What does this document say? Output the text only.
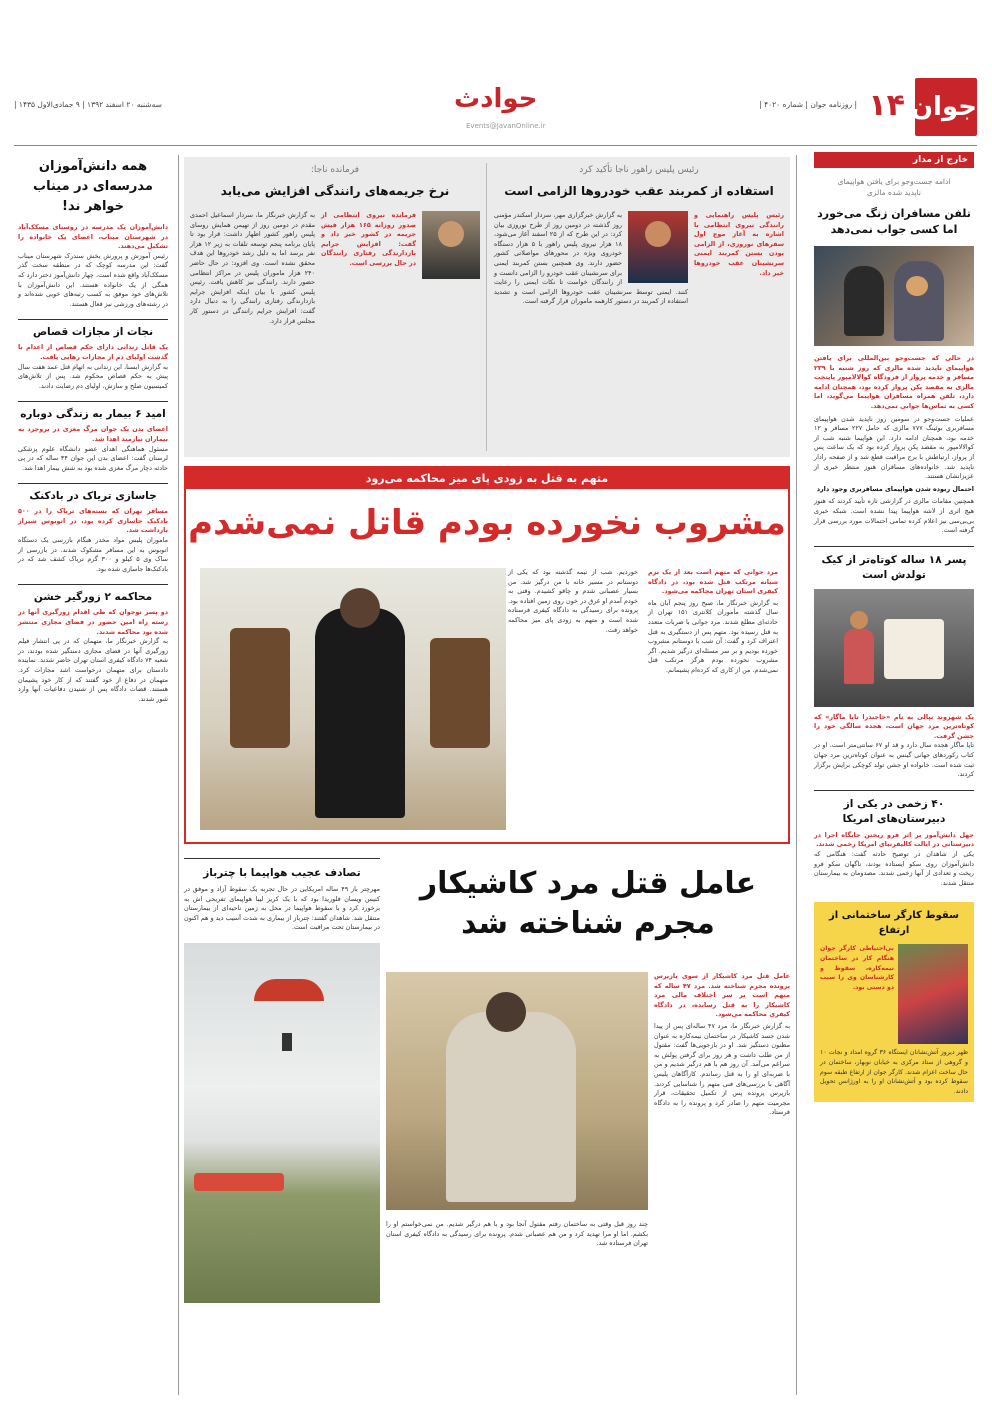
جوان
۱۴
| روزنامه جوان | شماره ۴۰۲۰ |
سه‌شنبه ۲۰ اسفند ۱۳۹۲ | ۹ جمادی‌الاول ۱۴۳۵ |	حوادث
Events@JavanOnline.ir
خارج از مدار
ادامه جست‌وجو برای یافتن هواپیمای ناپدید شده مالزی
تلفن مسافران زنگ می‌خورد اما کسی جواب نمی‌دهد
در حالی که جست‌وجو بین‌المللی برای یافتن هواپیمای ناپدید شده مالزی که روز شنبه با ۲۳۹ مسافر و خدمه پرواز از فرودگاه کوالالامپور پایتخت مالزی به مقصد پکن پرواز کرده بود، همچنان ادامه دارد، تلفن همراه مسافران هواپیما می‌گوید، اما کسی به تماس‌ها جوابی نمی‌دهد.
عملیات جست‌وجو در سومین روز ناپدید شدن هواپیمای مسافربری بوئینگ ۷۷۷ مالزی که حامل ۲۲۷ مسافر و ۱۲ خدمه بود، همچنان ادامه دارد. این هواپیما شنبه شب از کوالالامپور به مقصد پکن پرواز کرده بود که یک ساعت پس از پرواز، ارتباطش با برج مراقبت قطع شد و از صفحه رادار ناپدید شد. خانواده‌های مسافران هنوز منتظر خبری از عزیزانشان هستند.
احتمال ربوده شدن هواپیمای مسافربری وجود دارد
همچنین مقامات مالزی در گزارشی تازه تأیید کردند که هنوز هیچ اثری از لاشه هواپیما پیدا نشده است. شبکه خبری بی‌بی‌سی نیز اعلام کرده تمامی احتمالات مورد بررسی قرار گرفته است.
پسر ۱۸ ساله کوتاه‌تر از کیک تولدش است
یک شهروند نپالی به نام «خاجندرا تاپا ماگار» که کوتاه‌ترین مرد جهان است، هجده سالگی خود را جشن گرفت.
تاپا ماگار هجده سال دارد و قد او ۶۷ سانتی‌متر است. او در کتاب رکوردهای جهانی گینس به عنوان کوتاه‌ترین مرد جهان ثبت شده است. خانواده او جشن تولد کوچکی برایش برگزار کردند.
۴۰ زخمی در یکی از دبیرستان‌های امریکا
جهل دانش‌آموز بر اثر فرو ریختن جایگاه اجرا در دبیرستانی در ایالت کالیفرنیای امریکا زخمی شدند.
یکی از شاهدان در توضیح حادثه گفت: هنگامی که دانش‌آموزان روی سکو ایستاده بودند، ناگهان سکو فرو ریخت و تعدادی از آنها زخمی شدند. مصدومان به بیمارستان منتقل شدند.
سقوط کارگر ساختمانی از ارتفاع
بی‌احتیاطی کارگر جوان هنگام کار در ساختمان نیمه‌کاره، سقوط و کارشناسان وی را سبب دو دستی بود.
ظهر دیروز آتش‌نشانان ایستگاه ۳۶ گروه امداد و نجات ۱۰ و گروهی از ستاد مرکزی به خیابان نوبهار، ساختمان در حال ساخت اعزام شدند. کارگر جوان از ارتفاع طبقه سوم سقوط کرده بود و آتش‌نشانان او را به اورژانس تحویل دادند.
رئیس پلیس راهور ناجا تأکید کرد
استفاده از کمربند عقب خودروها الزامی است
رئیس پلیس راهنمایی و رانندگی نیروی انتظامی با اشاره به آغاز موج اول سفرهای نوروزی، از الزامی بودن بستن کمربند ایمنی سرنشینان عقب خودروها خبر داد.
به گزارش خبرگزاری مهر، سردار اسکندر مؤمنی روز گذشته در دومین روز از طرح نوروزی بیان کرد: در این طرح که از ۲۵ اسفند آغاز می‌شود، ۱۸ هزار نیروی پلیس راهور با ۵ هزار دستگاه خودروی ویژه در محورهای مواصلاتی کشور حضور دارند. وی همچنین بستن کمربند ایمنی برای سرنشینان عقب خودرو را الزامی دانست و از رانندگان خواست تا نکات ایمنی را رعایت کنند. ایمنی توسط سرنشینان عقب خودروها الزامی است و تشدید استفاده از کمربند در دستور کارهمه ماموران قرار گرفته است.
فرمانده ناجا:
نرخ جریمه‌های رانندگی افزایش می‌یابد
فرمانده نیروی انتظامی از صدور روزانه ۱۶۵ هزار فیش جریمه در کشور خبر داد و گفت: افزایش جرایم بازدارندگی رفتاری رانندگان در حال بررسی است.
به گزارش خبرنگار ما، سردار اسماعیل احمدی مقدم در دومین روز از تهیمن همایش روسای پلیس راهور کشور اظهار داشت: قرار بود تا پایان برنامه پنجم توسعه تلفات به زیر ۱۲ هزار نفر برسد اما به دلیل رشد خودروها این هدف محقق نشده است. وی افزود: در حال حاضر ۲۴۰ هزار ماموران پلیس در مراکز انتظامی حضور دارند. رانندگی نیز کاهش یافت. رئیس پلیس کشور با بیان اینکه افزایش جرایم بازدارندگی رفتاری رانندگی را به دنبال دارد گفت: افزایش جرایم رانندگی در دستور کار مجلس قرار دارد.
متهم به قتل به زودی پای میز محاکمه می‌رود
مشروب نخورده بودم قاتل نمی‌شدم
مرد جوانی که متهم است بعد از یک بزم شبانه مرتکب قتل شده بود، در دادگاه کیفری استان تهران محاکمه می‌شود.
به گزارش خبرنگار ما، صبح روز پنجم آبان ماه سال گذشته مأموران کلانتری ۱۵۱ تهران از حادثه‌ای مطلع شدند. مرد جوانی با ضربات متعدد به قتل رسیده بود. متهم پس از دستگیری به قتل اعتراف کرد و گفت: آن شب با دوستانم مشروب خورده بودیم و بر سر مسئله‌ای درگیر شدیم. اگر مشروب نخورده بودم هرگز مرتکب قتل نمی‌شدم. من از کاری که کرده‌ام پشیمانم.
خوردیم. شب از نیمه گذشته بود که یکی از دوستانم در مسیر خانه با من درگیر شد. من بسیار عصبانی شدم و چاقو کشیدم. وقتی به خودم آمدم او غرق در خون روی زمین افتاده بود. پرونده برای رسیدگی به دادگاه کیفری فرستاده شده است و متهم به زودی پای میز محاکمه خواهد رفت.
عامل قتل مرد کاشیکار مجرم شناخته شد
عامل قتل مرد کاشیکار از سوی بازپرس پرونده مجرم شناخته شد. مرد ۴۷ ساله که متهم است بر سر اختلاف مالی مرد کاشیکار را به قتل رسانده، در دادگاه کیفری محاکمه می‌شود.
به گزارش خبرنگار ما، مرد ۴۷ ساله‌ای پس از پیدا شدن جسد کاشیکار در ساختمان نیمه‌کاره به عنوان مظنون دستگیر شد. او در بازجویی‌ها گفت: مقتول از من طلب داشت و هر روز برای گرفتن پولش به سراغم می‌آمد. آن روز هم با هم درگیر شدیم و من با ضربه‌ای او را به قتل رساندم. کارآگاهان پلیس آگاهی با بررسی‌های فنی متهم را شناسایی کردند. بازپرس پرونده پس از تکمیل تحقیقات، قرار مجرمیت متهم را صادر کرد و پرونده را به دادگاه فرستاد.
چند روز قبل وقتی به ساختمان رفتم مقتول آنجا بود و با هم درگیر شدیم. من نمی‌خواستم او را بکشم. اما او مرا تهدید کرد و من هم عصبانی شدم. پرونده برای رسیدگی به دادگاه کیفری استان تهران فرستاده شد.
تصادف عجیب هواپیما با چترباز
مهرچتر باز ۴۹ ساله امریکایی در حال تجربه یک سقوط آزاد و موفق در کنیس ویسان فلوریدا بود که با یک کریز لیبا هواپیمای تفریحی اش به برخورد کرد و با سقوط هواپیما در محل به زمین ناحیه‌ای از بیمارستان منتقل شد. شاهدان گفتند: چترباز از بیماری به شدت آسیب دید و هم اکنون در بیمارستان تحت مراقبت است.
همه دانش‌آموزان مدرسه‌ای در میناب خواهر ند!
دانش‌آموزان یک مدرسه در روستای مسکک‌آباد در شهرستان میناب، اعضای یک خانواده را تشکیل می‌دهند.
رئیس آموزش و پرورش بخش سندرک شهرستان میناب گفت: این مدرسه کوچک که در منطقه سخت گذر مسکک‌آباد واقع شده است، چهار دانش‌آموز دختر دارد که همگی از یک خانواده هستند. این دانش‌آموزان با تلاش‌های خود موفق به کسب رتبه‌های خوبی شده‌اند و در رشته‌های ورزشی نیز فعال هستند.
نجات از مجازات قصاص
یک قاتل زندانی دارای حکم قصاص از اعدام با گذشت اولیای دم از مجازات رهایی یافت.
به گزارش ایسنا، این زندانی به اتهام قتل عمد هفت سال پیش به حکم قصاص محکوم شد. پس از تلاش‌های کمیسیون صلح و سازش، اولیای دم رضایت دادند.
امید ۶ بیمار به زندگی دوباره
اعضای بدن یک جوان مرگ مغزی در بروجرد به بیماران نیازمند اهدا شد.
مسئول هماهنگی اهدای عضو دانشگاه علوم پزشکی لرستان گفت: اعضای بدن این جوان ۳۴ ساله که در پی حادثه دچار مرگ مغزی شده بود به شش بیمار اهدا شد.
جاسازی تریاک در بادکنک
مسافر تهران که بسته‌های تریاک را در ۵۰۰ بادکنک جاسازی کرده بود، در اتوبوس شیراز بازداشت شد.
ماموران پلیس مواد مخدر هنگام بازرسی یک دستگاه اتوبوس به این مسافر مشکوک شدند. در بازرسی از ساک وی ۵ کیلو و ۳۰۰ گرم تریاک کشف شد که در بادکنک‌ها جاسازی شده بود.
محاکمه ۲ زورگیر خشن
دو پسر نوجوان که طی اقدام زورگیری آنها در رسته راه امین حضور در فضای مجازی منتشر شده بود محاکمه شدند.
به گزارش خبرنگار ما، متهمان که در پی انتشار فیلم زورگیری آنها در فضای مجازی دستگیر شده بودند، در شعبه ۷۴ دادگاه کیفری استان تهران حاضر شدند. نماینده دادستان برای متهمان درخواست اشد مجازات کرد. متهمان در دفاع از خود گفتند که از کار خود پشیمان هستند. قضات دادگاه پس از شنیدن دفاعیات آنها وارد شور شدند.
